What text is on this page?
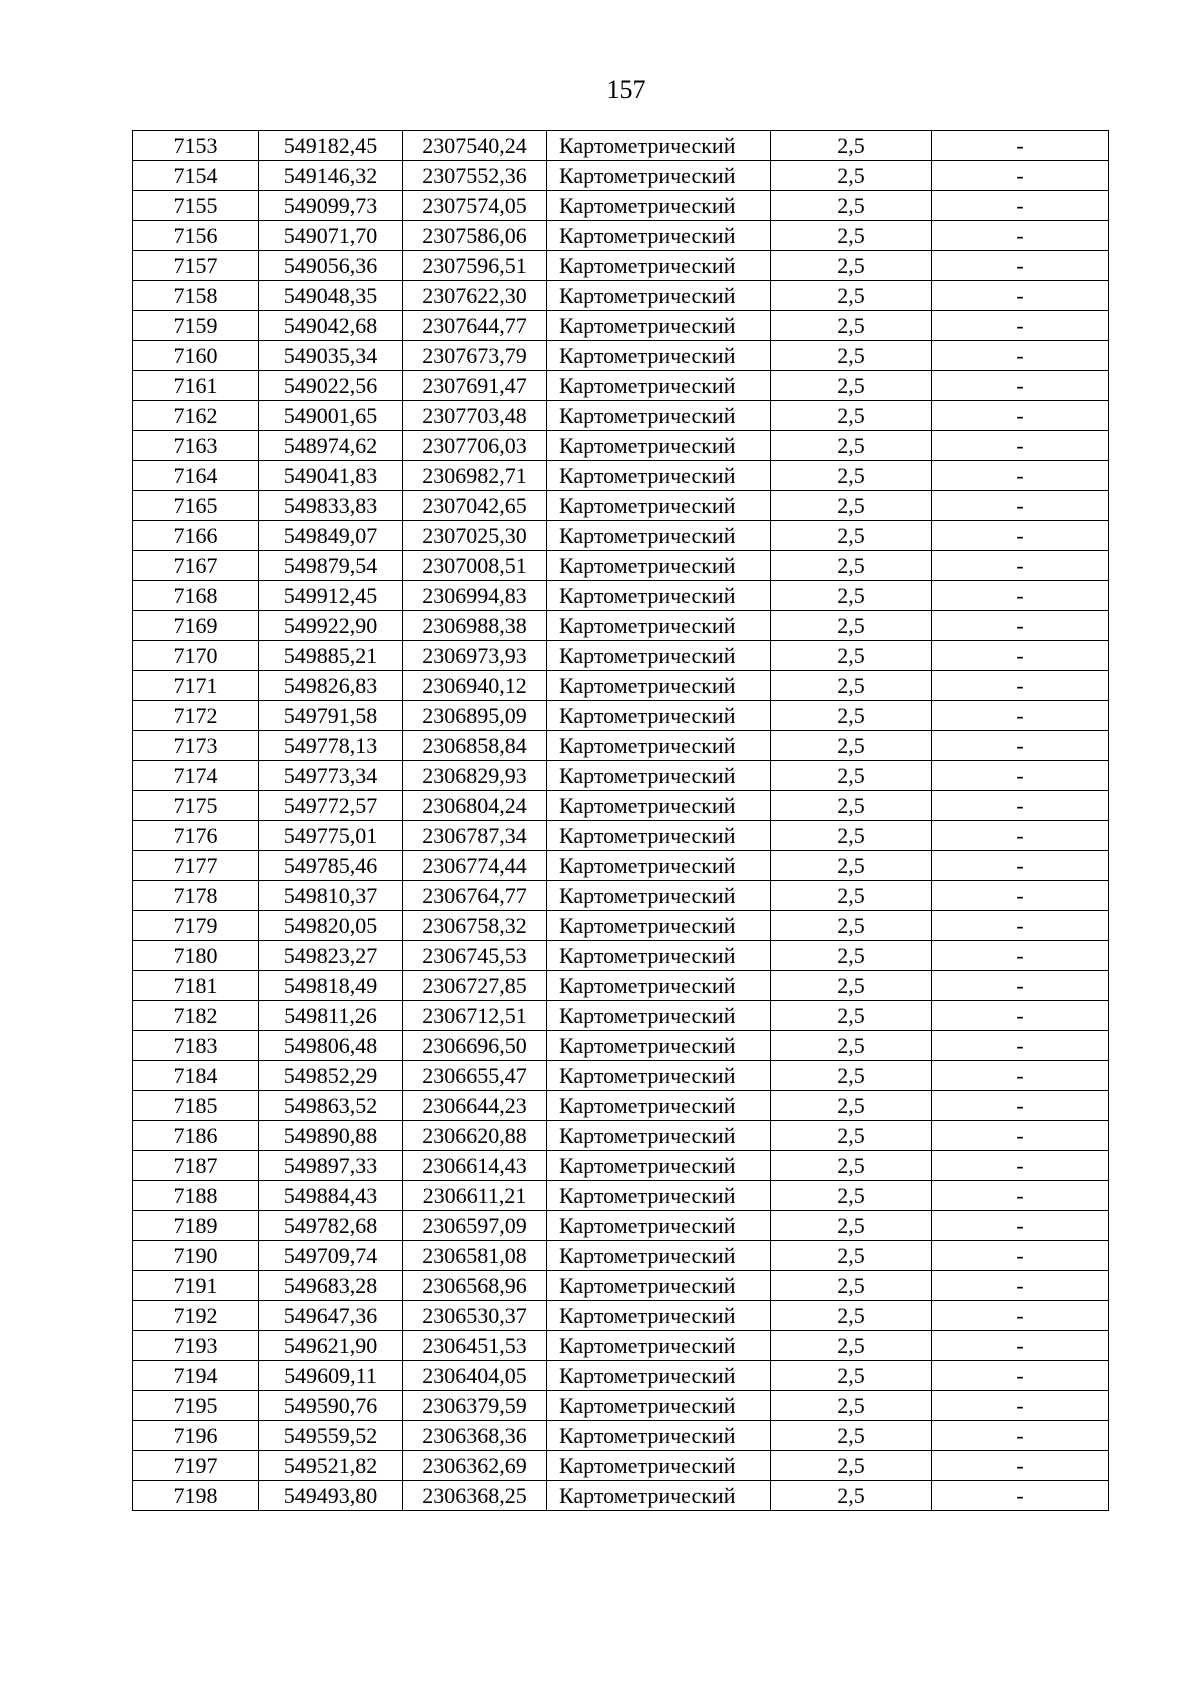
157
7153	549182,45	2307540,24	Картометрический	2,5	-
7154	549146,32	2307552,36	Картометрический	2,5	-
7155	549099,73	2307574,05	Картометрический	2,5	-
7156	549071,70	2307586,06	Картометрический	2,5	-
7157	549056,36	2307596,51	Картометрический	2,5	-
7158	549048,35	2307622,30	Картометрический	2,5	-
7159	549042,68	2307644,77	Картометрический	2,5	-
7160	549035,34	2307673,79	Картометрический	2,5	-
7161	549022,56	2307691,47	Картометрический	2,5	-
7162	549001,65	2307703,48	Картометрический	2,5	-
7163	548974,62	2307706,03	Картометрический	2,5	-
7164	549041,83	2306982,71	Картометрический	2,5	-
7165	549833,83	2307042,65	Картометрический	2,5	-
7166	549849,07	2307025,30	Картометрический	2,5	-
7167	549879,54	2307008,51	Картометрический	2,5	-
7168	549912,45	2306994,83	Картометрический	2,5	-
7169	549922,90	2306988,38	Картометрический	2,5	-
7170	549885,21	2306973,93	Картометрический	2,5	-
7171	549826,83	2306940,12	Картометрический	2,5	-
7172	549791,58	2306895,09	Картометрический	2,5	-
7173	549778,13	2306858,84	Картометрический	2,5	-
7174	549773,34	2306829,93	Картометрический	2,5	-
7175	549772,57	2306804,24	Картометрический	2,5	-
7176	549775,01	2306787,34	Картометрический	2,5	-
7177	549785,46	2306774,44	Картометрический	2,5	-
7178	549810,37	2306764,77	Картометрический	2,5	-
7179	549820,05	2306758,32	Картометрический	2,5	-
7180	549823,27	2306745,53	Картометрический	2,5	-
7181	549818,49	2306727,85	Картометрический	2,5	-
7182	549811,26	2306712,51	Картометрический	2,5	-
7183	549806,48	2306696,50	Картометрический	2,5	-
7184	549852,29	2306655,47	Картометрический	2,5	-
7185	549863,52	2306644,23	Картометрический	2,5	-
7186	549890,88	2306620,88	Картометрический	2,5	-
7187	549897,33	2306614,43	Картометрический	2,5	-
7188	549884,43	2306611,21	Картометрический	2,5	-
7189	549782,68	2306597,09	Картометрический	2,5	-
7190	549709,74	2306581,08	Картометрический	2,5	-
7191	549683,28	2306568,96	Картометрический	2,5	-
7192	549647,36	2306530,37	Картометрический	2,5	-
7193	549621,90	2306451,53	Картометрический	2,5	-
7194	549609,11	2306404,05	Картометрический	2,5	-
7195	549590,76	2306379,59	Картометрический	2,5	-
7196	549559,52	2306368,36	Картометрический	2,5	-
7197	549521,82	2306362,69	Картометрический	2,5	-
7198	549493,80	2306368,25	Картометрический	2,5	-
